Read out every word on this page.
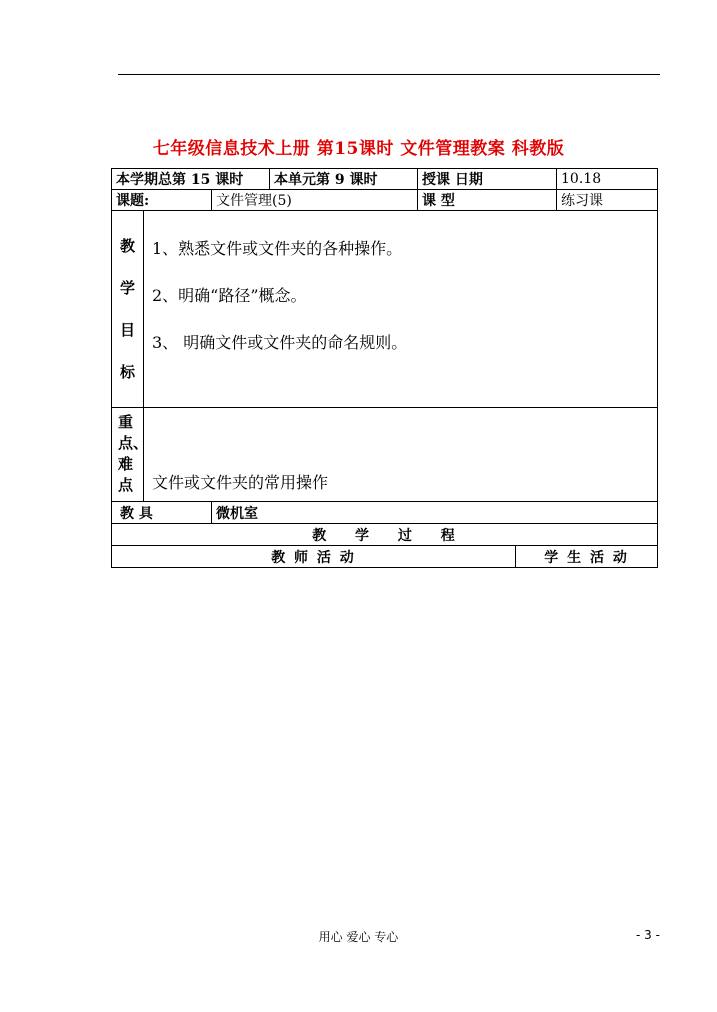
七年级信息技术上册 第15课时 文件管理教案 科教版
本学期总第 15 课时			本单元第 9 课时	授课 日期		10.18
课题:		文件管理(5)		课 型		练习课

教学目标	1、熟悉文件或文件夹的各种操作。
2、明确“路径”概念。
3、 明确文件或文件夹的命名规则。					

重点、难点	文件或文件夹的常用操作					
教 具		微机室				
教 学 过 程						
教 师 活 动					学 生 活 动	
用心 爱心 专心	- 3 -
